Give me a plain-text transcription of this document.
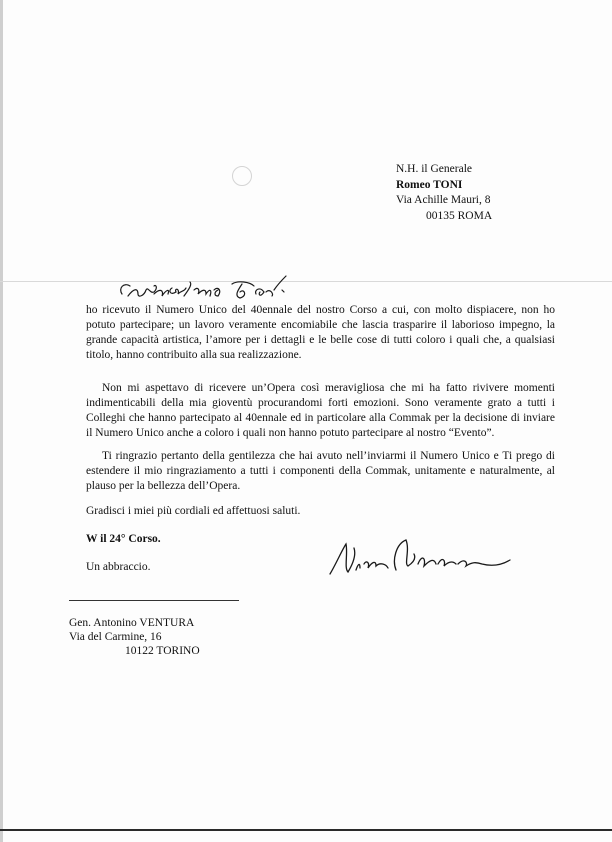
N.H. il Generale
Romeo TONI
Via Achille Mauri, 8
00135 ROMA
ho ricevuto il Numero Unico del 40ennale del nostro Corso a cui, con molto dispiacere, non ho potuto partecipare; un lavoro veramente encomiabile che lascia trasparire il laborioso impegno, la grande capacità artistica, l’amore per i dettagli e le belle cose di tutti coloro i quali che, a qualsiasi titolo, hanno contribuito alla sua realizzazione.
Non mi aspettavo di ricevere un’Opera così meravigliosa che mi ha fatto rivivere momenti indimenticabili della mia gioventù procurandomi forti emozioni. Sono veramente grato a tutti i Colleghi che hanno partecipato al 40ennale ed in particolare alla Commak per la decisione di inviare il Numero Unico anche a coloro i quali non hanno potuto partecipare al nostro “Evento”.
Ti ringrazio pertanto della gentilezza che hai avuto nell’inviarmi il Numero Unico e Ti prego di estendere il mio ringraziamento a tutti i componenti della Commak, unitamente e naturalmente, al plauso per la bellezza dell’Opera.
Gradisci i miei più cordiali ed affettuosi saluti.
W il 24° Corso.
Un abbraccio.
Gen. Antonino VENTURA
Via del Carmine, 16
10122 TORINO
